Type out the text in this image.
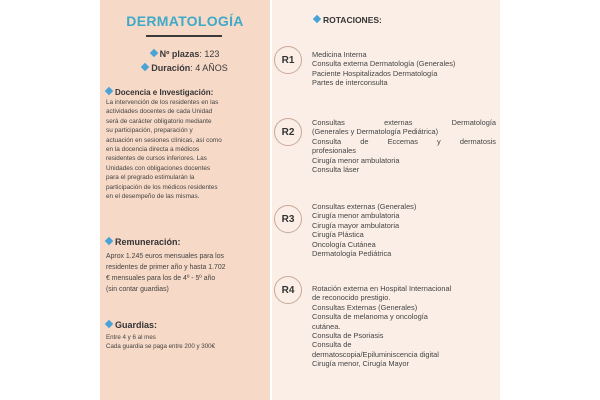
DERMATOLOGÍA
Nº plazas: 123
Duración: 4 AÑOS
Docencia e Investigación:
La intervención de los residentes en las
actividades docentes de cada Unidad
será de carácter obligatorio mediante
su participación, preparación y
actuación en sesiones clínicas, así como
en la docencia directa a médicos
residentes de cursos inferiores. Las
Unidades con obligaciones docentes
para el pregrado estimularán la
participación de los médicos residentes
en el desempeño de las mismas.
Remuneración:
Aprox 1.245 euros mensuales para los
residentes de primer año y hasta 1.702
€ mensuales para los de 4º - 5º año
(sin contar guardias)
Guardias:
Entre 4 y 6 al mes
Cada guardia se paga entre 200 y 300€
ROTACIONES:
R1	Medicina Interna
Consulta externa Dermatología (Generales)
Paciente Hospitalizados Dermatología
Partes de interconsulta
R2
Consultas externas Dermatología
(Generales y Dermatología Pediátrica)
Consulta de Eccemas y dermatosis
profesionales
Cirugía menor ambulatoria
Consulta láser
R3
Consultas externas (Generales)
Cirugía menor ambulatoria
Cirugía mayor ambulatoria
Cirugía Plástica
Oncología Cutánea
Dermatología Pediátrica
R4	Rotación externa en Hospital Internacional
de reconocido prestigio.
Consultas Externas (Generales)
Consulta de melanoma y oncología
cutánea.
Consulta de Psoriasis
Consulta de
dermatoscopia/Epiluminiscencia digital
Cirugía menor, Cirugía Mayor
